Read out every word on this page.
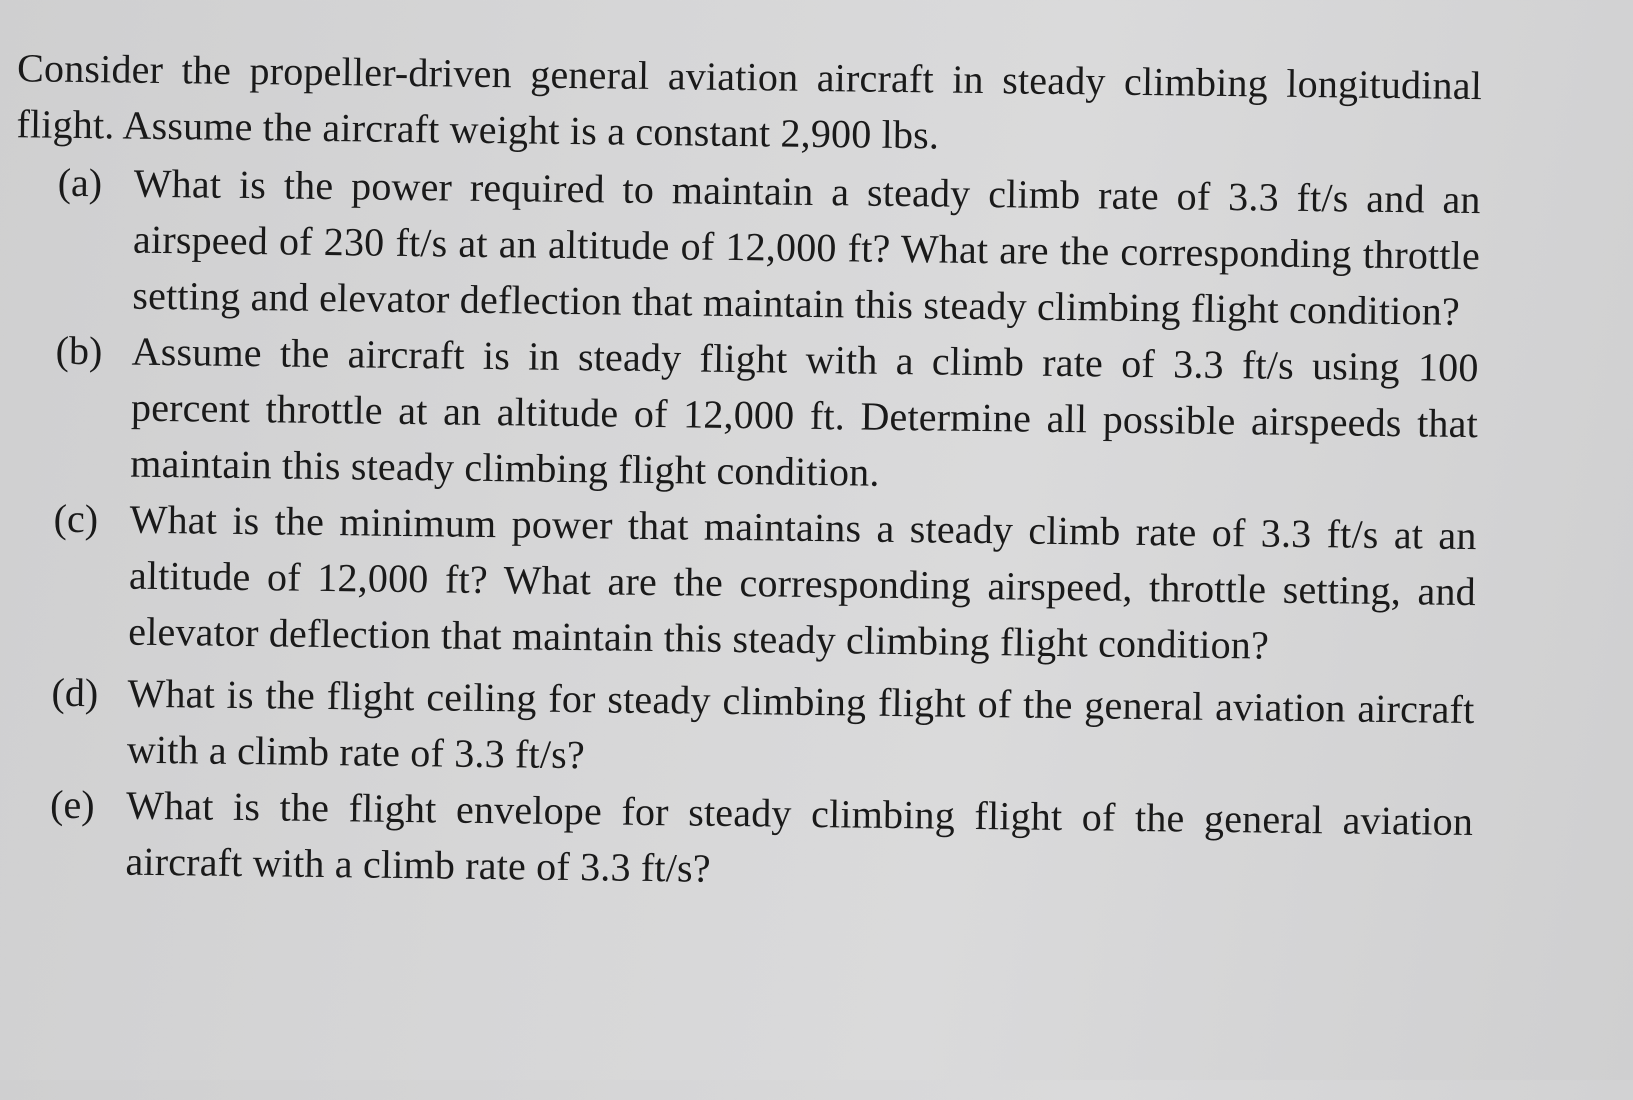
Consider the propeller-driven general aviation aircraft in steady climbing longitudinal flight. Assume the aircraft weight is a constant 2,900 lbs.

(a) What is the power required to maintain a steady climb rate of 3.3 ft/s and an airspeed of 230 ft/s at an altitude of 12,000 ft? What are the corresponding throttle setting and elevator deflection that maintain this steady climbing flight condition?
(b) Assume the aircraft is in steady flight with a climb rate of 3.3 ft/s using 100 percent throttle at an altitude of 12,000 ft. Determine all possible airspeeds that maintain this steady climbing flight condition.
(c) What is the minimum power that maintains a steady climb rate of 3.3 ft/s at an altitude of 12,000 ft? What are the corresponding airspeed, throttle setting, and elevator deflection that maintain this steady climbing flight condition?
(d) What is the flight ceiling for steady climbing flight of the general aviation aircraft with a climb rate of 3.3 ft/s?
(e) What is the flight envelope for steady climbing flight of the general aviation aircraft with a climb rate of 3.3 ft/s?
